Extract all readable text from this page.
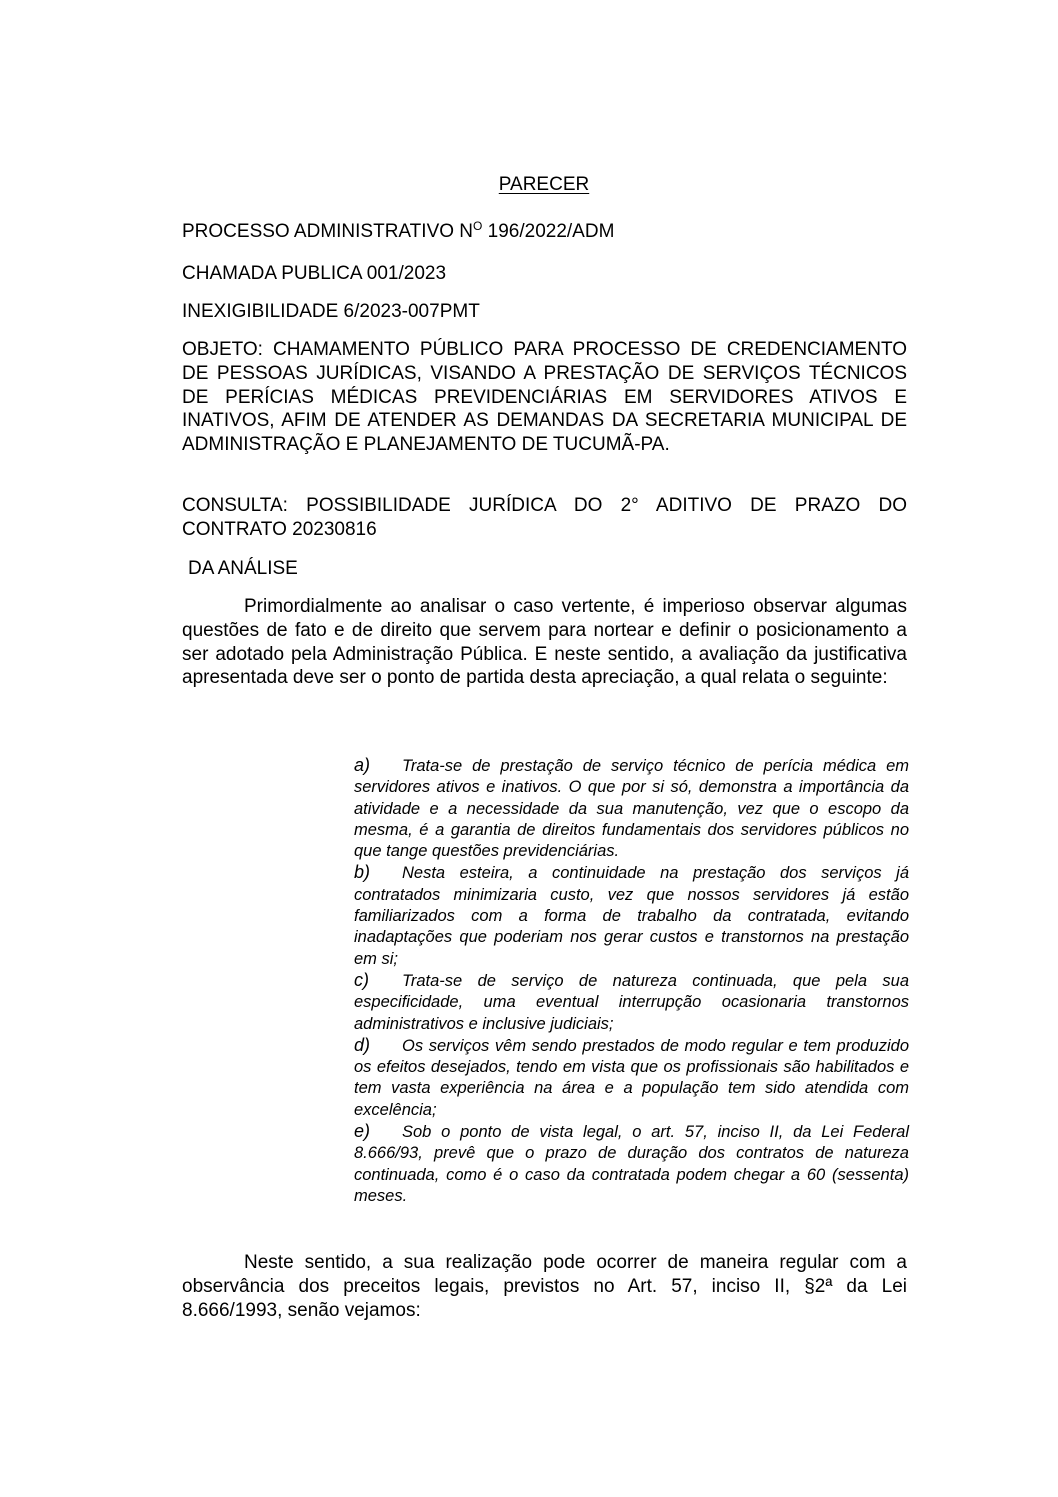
PARECER

PROCESSO ADMINISTRATIVO $N^O$ 196/2022/ADM

CHAMADA PUBLICA 001/2023

INEXIGIBILIDADE 6/2023-007PMT

OBJETO: CHAMAMENTO PÚBLICO PARA PROCESSO DE CREDENCIAMENTO DE PESSOAS JURÍDICAS, VISANDO A PRESTAÇÃO DE SERVIÇOS TÉCNICOS DE PERÍCIAS MÉDICAS PREVIDENCIÁRIAS EM SERVIDORES ATIVOS E INATIVOS, AFIM DE ATENDER AS DEMANDAS DA SECRETARIA MUNICIPAL DE ADMINISTRAÇÃO E PLANEJAMENTO DE TUCUMÃ-PA.

CONSULTA: POSSIBILIDADE JURÍDICA DO 2° ADITIVO DE PRAZO DO CONTRATO 20230816

DA ANÁLISE

Primordialmente ao analisar o caso vertente, é imperioso observar algumas questões de fato e de direito que servem para nortear e definir o posicionamento a ser adotado pela Administração Pública. E neste sentido, a avaliação da justificativa apresentada deve ser o ponto de partida desta apreciação, a qual relata o seguinte:

a) Trata-se de prestação de serviço técnico de perícia médica em servidores ativos e inativos. O que por si só, demonstra a importância da atividade e a necessidade da sua manutenção, vez que o escopo da mesma, é a garantia de direitos fundamentais dos servidores públicos no que tange questões previdenciárias.

b) Nesta esteira, a continuidade na prestação dos serviços já contratados minimizaria custo, vez que nossos servidores já estão familiarizados com a forma de trabalho da contratada, evitando inadaptações que poderiam nos gerar custos e transtornos na prestação em si;

c) Trata-se de serviço de natureza continuada, que pela sua especificidade, uma eventual interrupção ocasionaria transtornos administrativos e inclusive judiciais;

d) Os serviços vêm sendo prestados de modo regular e tem produzido os efeitos desejados, tendo em vista que os profissionais são habilitados e tem vasta experiência na área e a população tem sido atendida com excelência;

e) Sob o ponto de vista legal, o art. 57, inciso II, da Lei Federal 8.666/93, prevê que o prazo de duração dos contratos de natureza continuada, como é o caso da contratada podem chegar a 60 (sessenta) meses.

Neste sentido, a sua realização pode ocorrer de maneira regular com a observância dos preceitos legais, previstos no Art. 57, inciso II, §2ª da Lei 8.666/1993, senão vejamos:
